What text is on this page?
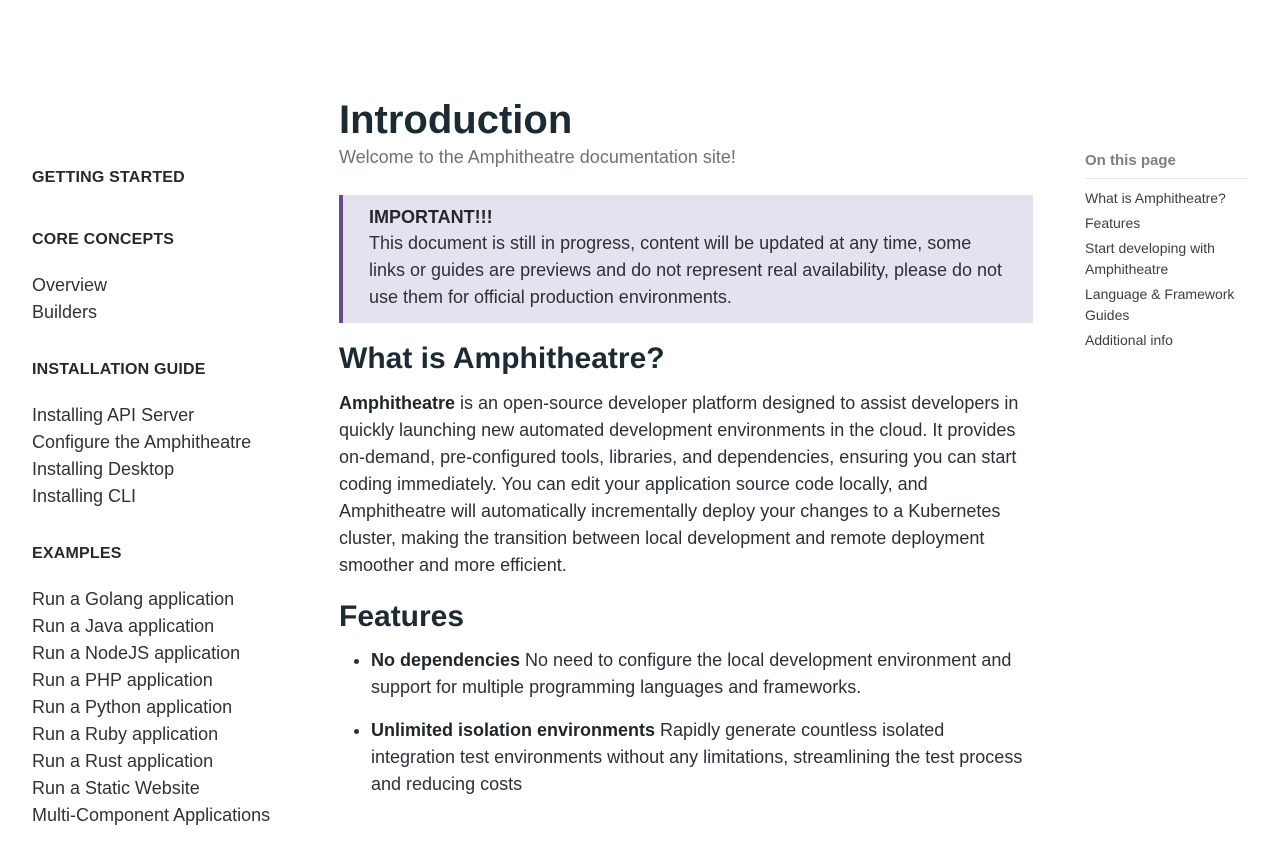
GETTING STARTED
CORE CONCEPTS
Overview
Builders
INSTALLATION GUIDE
Installing API Server
Configure the Amphitheatre
Installing Desktop
Installing CLI
EXAMPLES
Run a Golang application
Run a Java application
Run a NodeJS application
Run a PHP application
Run a Python application
Run a Ruby application
Run a Rust application
Run a Static Website
Multi-Component Applications
Introduction
Welcome to the Amphitheatre documentation site!
IMPORTANT!!!
This document is still in progress, content will be updated at any time, some links or guides are previews and do not represent real availability, please do not use them for official production environments.
What is Amphitheatre?

Amphitheatre is an open-source developer platform designed to assist developers in quickly launching new automated development environments in the cloud. It provides on-demand, pre-configured tools, libraries, and dependencies, ensuring you can start coding immediately. You can edit your application source code locally, and Amphitheatre will automatically incrementally deploy your changes to a Kubernetes cluster, making the transition between local development and remote deployment smoother and more efficient.

Features
• No dependencies No need to configure the local development environment and support for multiple programming languages and frameworks.
• Unlimited isolation environments Rapidly generate countless isolated integration test environments without any limitations, streamlining the test process and reducing costs
On this page
What is Amphitheatre?
Features
Start developing with Amphitheatre
Language & Framework Guides
Additional info
